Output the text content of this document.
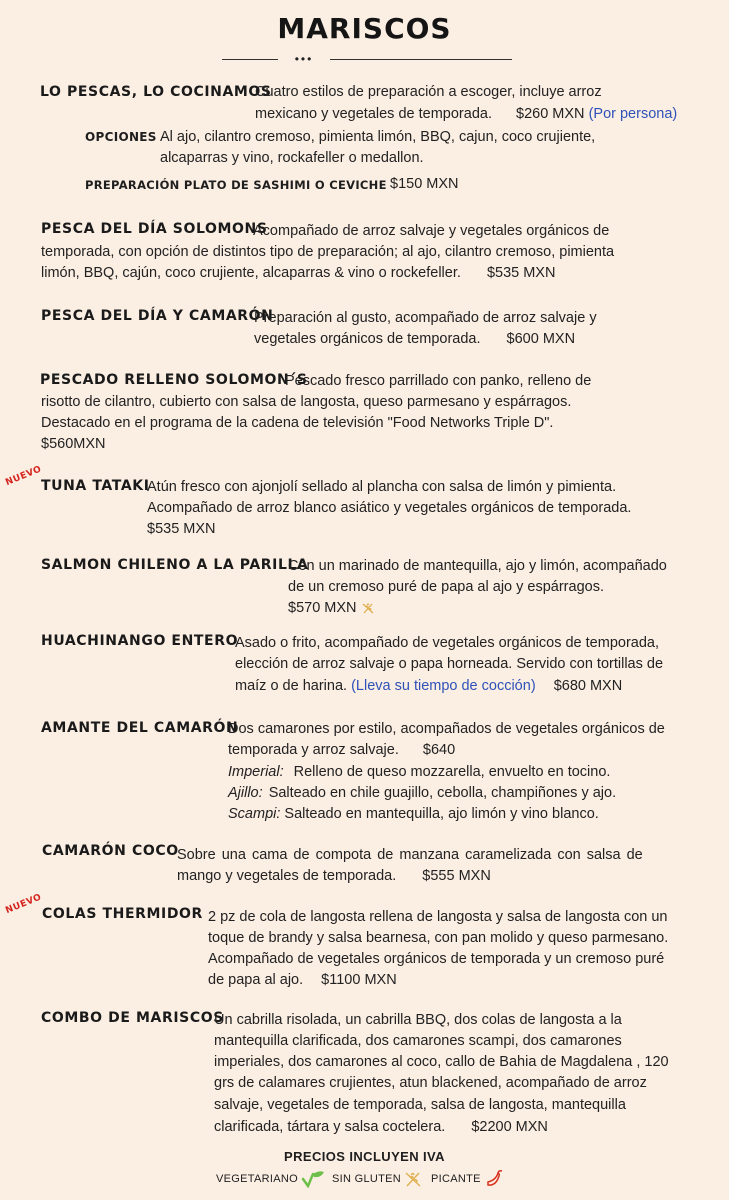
MARISCOS
•••
LO PESCAS, LO COCINAMOS
Cuatro estilos de preparación a escoger, incluye arroz
mexicano y vegetales de temporada. $260 MXN (Por persona)
OPCIONES Al ajo, cilantro cremoso, pimienta limón, BBQ, cajun, coco crujiente,
alcaparras y vino, rockafeller o medallon.
PREPARACIÓN PLATO DE SASHIMI O CEVICHE $150 MXN
PESCA DEL DÍA SOLOMONS
Acompañado de arroz salvaje y vegetales orgánicos de
temporada, con opción de distintos tipo de preparación; al ajo, cilantro cremoso, pimienta
limón, BBQ, cajún, coco crujiente, alcaparras & vino o rockefeller. $535 MXN
PESCA DEL DÍA Y CAMARÓN
Preparación al gusto, acompañado de arroz salvaje y
vegetales orgánicos de temporada. $600 MXN
PESCADO RELLENO SOLOMON´S
Pescado fresco parrillado con panko, relleno de
risotto de cilantro, cubierto con salsa de langosta, queso parmesano y espárragos.
Destacado en el programa de la cadena de televisión "Food Networks Triple D".
$560MXN
NUEVO
TUNA TATAKI
Atún fresco con ajonjolí sellado al plancha con salsa de limón y pimienta.
Acompañado de arroz blanco asiático y vegetales orgánicos de temporada.
$535 MXN
SALMON CHILENO A LA PARILLA
Con un marinado de mantequilla, ajo y limón, acompañado
de un cremoso puré de papa al ajo y espárragos.
$570 MXN
HUACHINANGO ENTERO
Asado o frito, acompañado de vegetales orgánicos de temporada,
elección de arroz salvaje o papa horneada. Servido con tortillas de
maíz o de harina. (Lleva su tiempo de cocción) $680 MXN
AMANTE DEL CAMARÓN
Dos camarones por estilo, acompañados de vegetales orgánicos de
temporada y arroz salvaje. $640
Imperial: Relleno de queso mozzarella, envuelto en tocino.
Ajillo: Salteado en chile guajillo, cebolla, champiñones y ajo.
Scampi: Salteado en mantequilla, ajo limón y vino blanco.
CAMARÓN COCO
Sobre una cama de compota de manzana caramelizada con salsa de
mango y vegetales de temporada. $555 MXN
NUEVO
COLAS THERMIDOR 2 pz de cola de langosta rellena de langosta y salsa de langosta con un
toque de brandy y salsa bearnesa, con pan molido y queso parmesano.
Acompañado de vegetales orgánicos de temporada y un cremoso puré
de papa al ajo. $1100 MXN
COMBO DE MARISCOS
Un cabrilla risolada, un cabrilla BBQ, dos colas de langosta a la
mantequilla clarificada, dos camarones scampi, dos camarones
imperiales, dos camarones al coco, callo de Bahia de Magdalena , 120
grs de calamares crujientes, atun blackened, acompañado de arroz
salvaje, vegetales de temporada, salsa de langosta, mantequilla
clarificada, tártara y salsa coctelera. $2200 MXN
PRECIOS INCLUYEN IVA
VEGETARIANO	SIN GLUTEN	PICANTE
